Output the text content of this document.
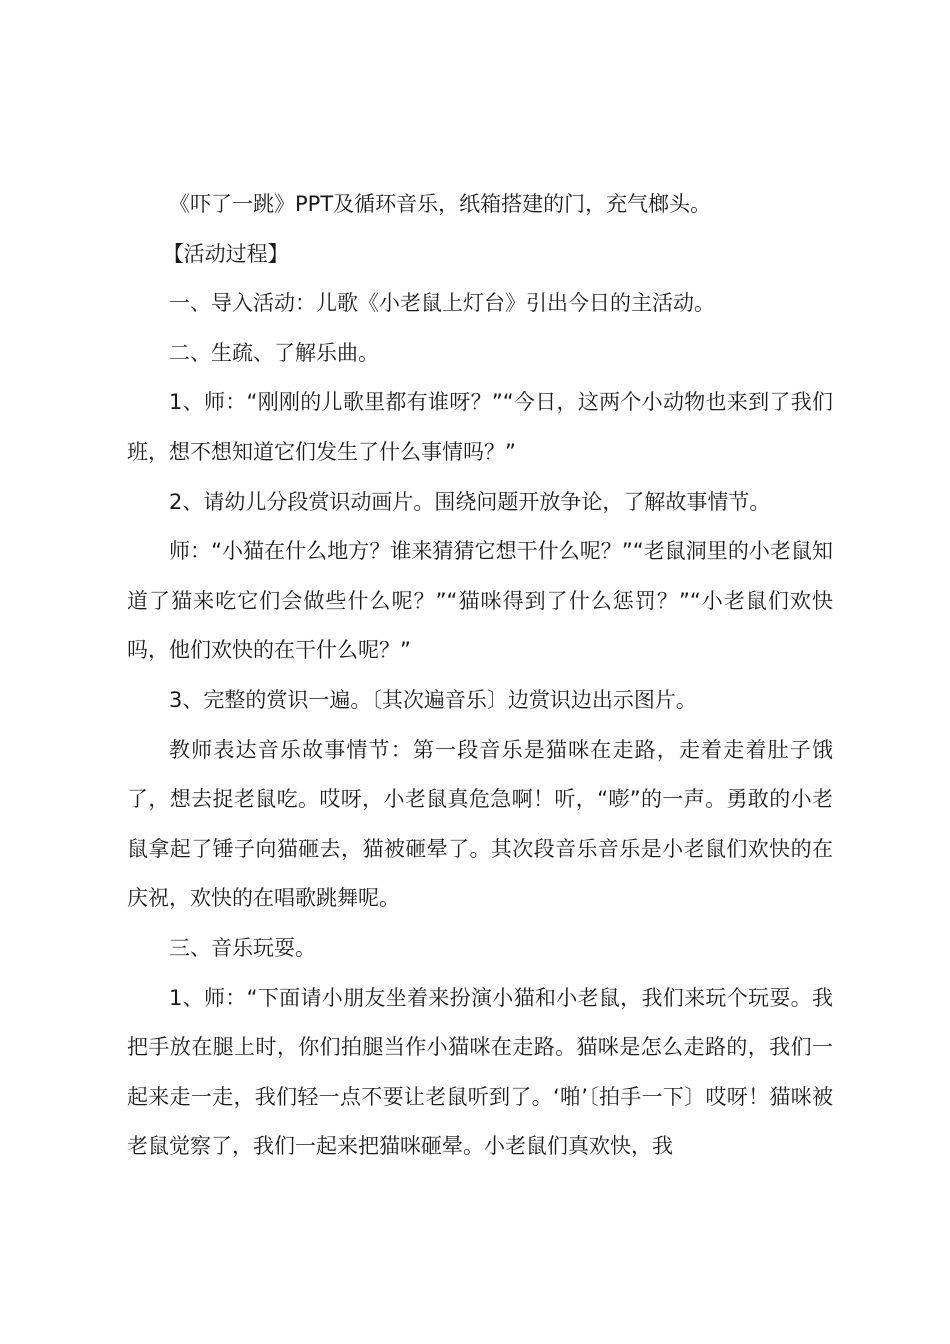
《吓了一跳》PPT及循环音乐，纸箱搭建的门，充气榔头。

【活动过程】

一、导入活动：儿歌《小老鼠上灯台》引出今日的主活动。

二、生疏、了解乐曲。

1、师：“刚刚的儿歌里都有谁呀？”“今日，这两个小动物也来到了我们班，想不想知道它们发生了什么事情吗？”

2、请幼儿分段赏识动画片。围绕问题开放争论，了解故事情节。

师：“小猫在什么地方？谁来猜猜它想干什么呢？”“老鼠洞里的小老鼠知道了猫来吃它们会做些什么呢？”“猫咪得到了什么惩罚？”“小老鼠们欢快吗，他们欢快的在干什么呢？”

3、完整的赏识一遍。〔其次遍音乐〕边赏识边出示图片。

教师表达音乐故事情节：第一段音乐是猫咪在走路，走着走着肚子饿了，想去捉老鼠吃。哎呀，小老鼠真危急啊！听，“嘭”的一声。勇敢的小老鼠拿起了锤子向猫砸去，猫被砸晕了。其次段音乐音乐是小老鼠们欢快的在庆祝，欢快的在唱歌跳舞呢。

三、音乐玩耍。

1、师：“下面请小朋友坐着来扮演小猫和小老鼠，我们来玩个玩耍。我把手放在腿上时，你们拍腿当作小猫咪在走路。猫咪是怎么走路的，我们一起来走一走，我们轻一点不要让老鼠听到了。‘啪’〔拍手一下〕哎呀！猫咪被老鼠觉察了，我们一起来把猫咪砸晕。小老鼠们真欢快，我
